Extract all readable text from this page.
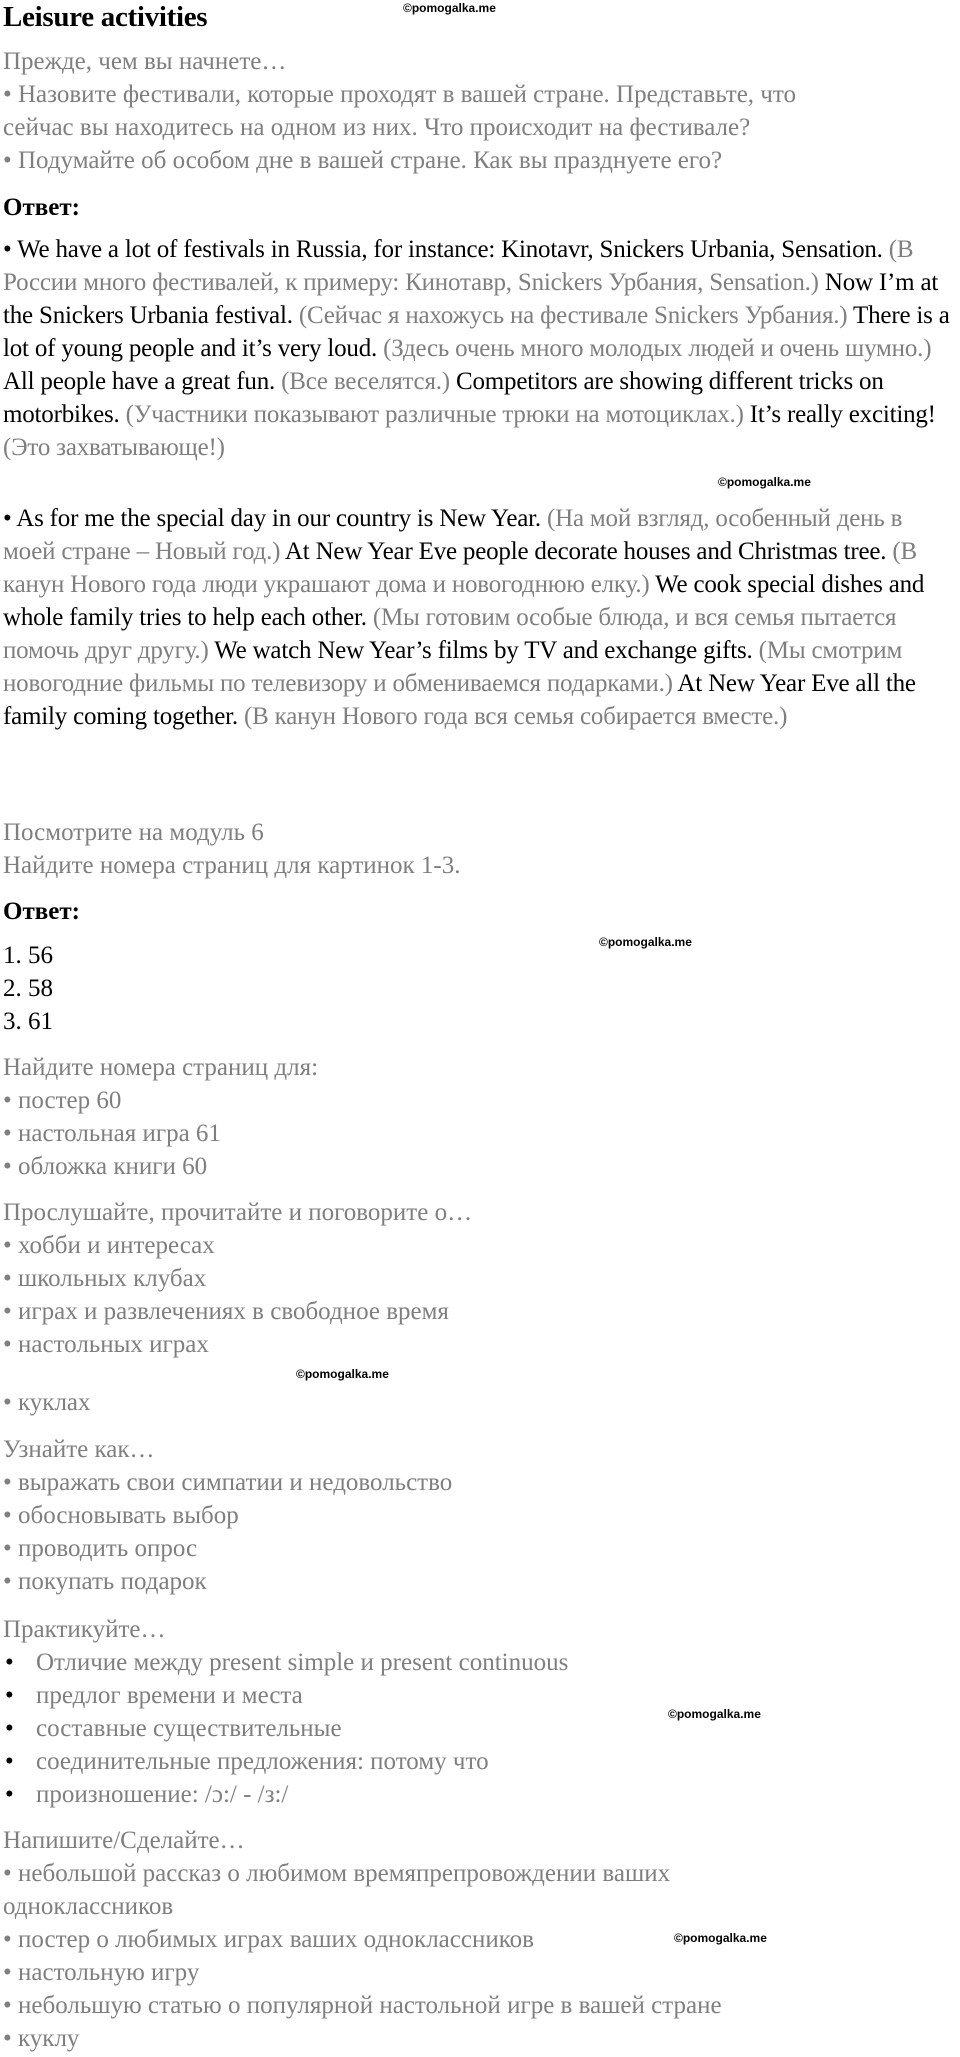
Leisure activities	©pomogalka.me
Прежде, чем вы начнете…
• Назовите фестивали, которые проходят в вашей стране. Представьте, что
сейчас вы находитесь на одном из них. Что происходит на фестивале?
• Подумайте об особом дне в вашей стране. Как вы празднуете его?
Ответ:
• We have a lot of festivals in Russia, for instance: Kinotavr, Snickers Urbania, Sensation. (В России много фестивалей, к примеру: Кинотавр, Snickers Урбания, Sensation.) Now I’m at the Snickers Urbania festival. (Сейчас я нахожусь на фестивале Snickers Урбания.) There is a lot of young people and it’s very loud. (Здесь очень много молодых людей и очень шумно.) All people have a great fun. (Все веселятся.) Competitors are showing different tricks on motorbikes. (Участники показывают различные трюки на мотоциклах.) It’s really exciting! (Это захватывающе!)
©pomogalka.me
• As for me the special day in our country is New Year. (На мой взгляд, особенный день в моей стране – Новый год.) At New Year Eve people decorate houses and Christmas tree. (В канун Нового года люди украшают дома и новогоднюю елку.) We cook special dishes and whole family tries to help each other. (Мы готовим особые блюда, и вся семья пытается помочь друг другу.) We watch New Year’s films by TV and exchange gifts. (Мы смотрим новогодние фильмы по телевизору и обмениваемся подарками.) At New Year Eve all the family coming together. (В канун Нового года вся семья собирается вместе.)
Посмотрите на модуль 6
Найдите номера страниц для картинок 1-3.
Ответ:
©pomogalka.me
1. 56
2. 58
3. 61
Найдите номера страниц для:
• постер 60
• настольная игра 61
• обложка книги 60
Прослушайте, прочитайте и поговорите о…
• хобби и интересах
• школьных клубах
• играх и развлечениях в свободное время
• настольных играх
©pomogalka.me
• куклах
Узнайте как…
• выражать свои симпатии и недовольство
• обосновывать выбор
• проводить опрос
• покупать подарок
Практикуйте…
• Отличие между present simple и present continuous
• предлог времени и места
• составные существительные
• соединительные предложения: потому что
• произношение: /ɔ:/ - /з:/
©pomogalka.me
Напишите/Сделайте…
• небольшой рассказ о любимом времяпрепровождении ваших
одноклассников
• постер о любимых играх ваших одноклассников
• настольную игру
• небольшую статью о популярной настольной игре в вашей стране
• куклу
©pomogalka.me
